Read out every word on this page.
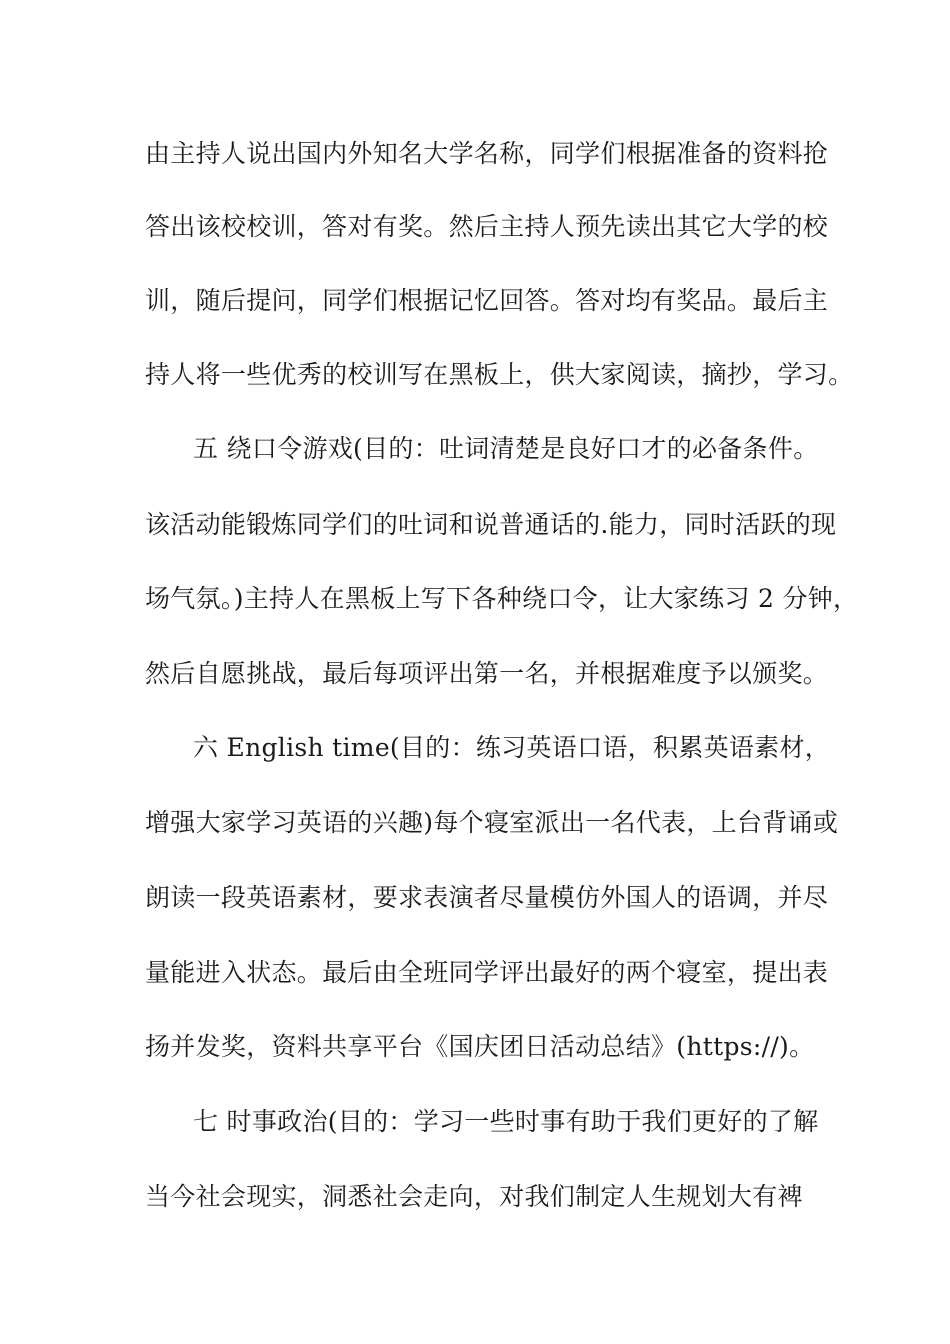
由主持人说出国内外知名大学名称，同学们根据准备的资料抢
答出该校校训，答对有奖。然后主持人预先读出其它大学的校
训，随后提问，同学们根据记忆回答。答对均有奖品。最后主
持人将一些优秀的校训写在黑板上，供大家阅读，摘抄，学习。
五 绕口令游戏(目的：吐词清楚是良好口才的必备条件。
该活动能锻炼同学们的吐词和说普通话的.能力，同时活跃的现
场气氛。)主持人在黑板上写下各种绕口令，让大家练习 2 分钟，
然后自愿挑战，最后每项评出第一名，并根据难度予以颁奖。
六 English time(目的：练习英语口语，积累英语素材，
增强大家学习英语的兴趣)每个寝室派出一名代表，上台背诵或
朗读一段英语素材，要求表演者尽量模仿外国人的语调，并尽
量能进入状态。最后由全班同学评出最好的两个寝室，提出表
扬并发奖，资料共享平台《国庆团日活动总结》(https://)。
七 时事政治(目的：学习一些时事有助于我们更好的了解
当今社会现实，洞悉社会走向，对我们制定人生规划大有裨
